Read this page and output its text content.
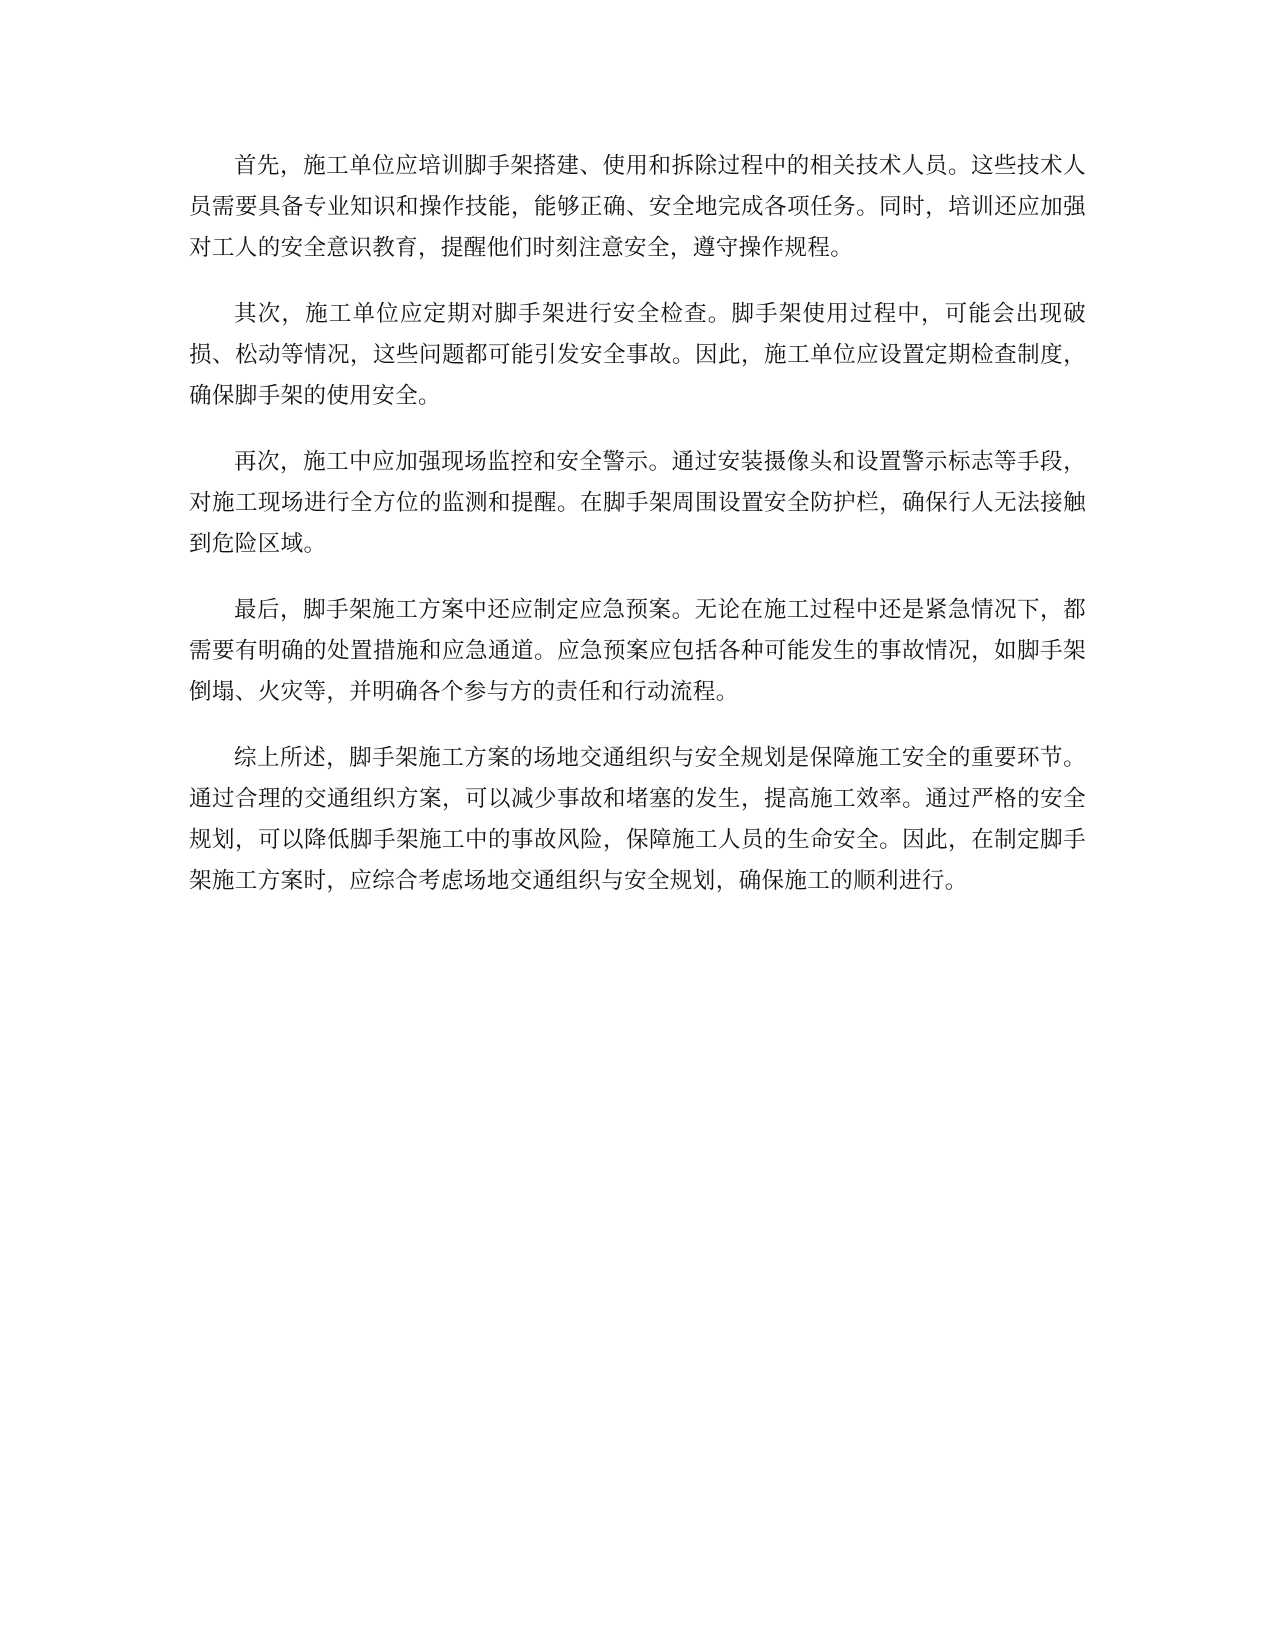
首先，施工单位应培训脚手架搭建、使用和拆除过程中的相关技术人员。这些技术人员需要具备专业知识和操作技能，能够正确、安全地完成各项任务。同时，培训还应加强对工人的安全意识教育，提醒他们时刻注意安全，遵守操作规程。

其次，施工单位应定期对脚手架进行安全检查。脚手架使用过程中，可能会出现破损、松动等情况，这些问题都可能引发安全事故。因此，施工单位应设置定期检查制度，确保脚手架的使用安全。

再次，施工中应加强现场监控和安全警示。通过安装摄像头和设置警示标志等手段，对施工现场进行全方位的监测和提醒。在脚手架周围设置安全防护栏，确保行人无法接触到危险区域。

最后，脚手架施工方案中还应制定应急预案。无论在施工过程中还是紧急情况下，都需要有明确的处置措施和应急通道。应急预案应包括各种可能发生的事故情况，如脚手架倒塌、火灾等，并明确各个参与方的责任和行动流程。

综上所述，脚手架施工方案的场地交通组织与安全规划是保障施工安全的重要环节。通过合理的交通组织方案，可以减少事故和堵塞的发生，提高施工效率。通过严格的安全规划，可以降低脚手架施工中的事故风险，保障施工人员的生命安全。因此，在制定脚手架施工方案时，应综合考虑场地交通组织与安全规划，确保施工的顺利进行。
